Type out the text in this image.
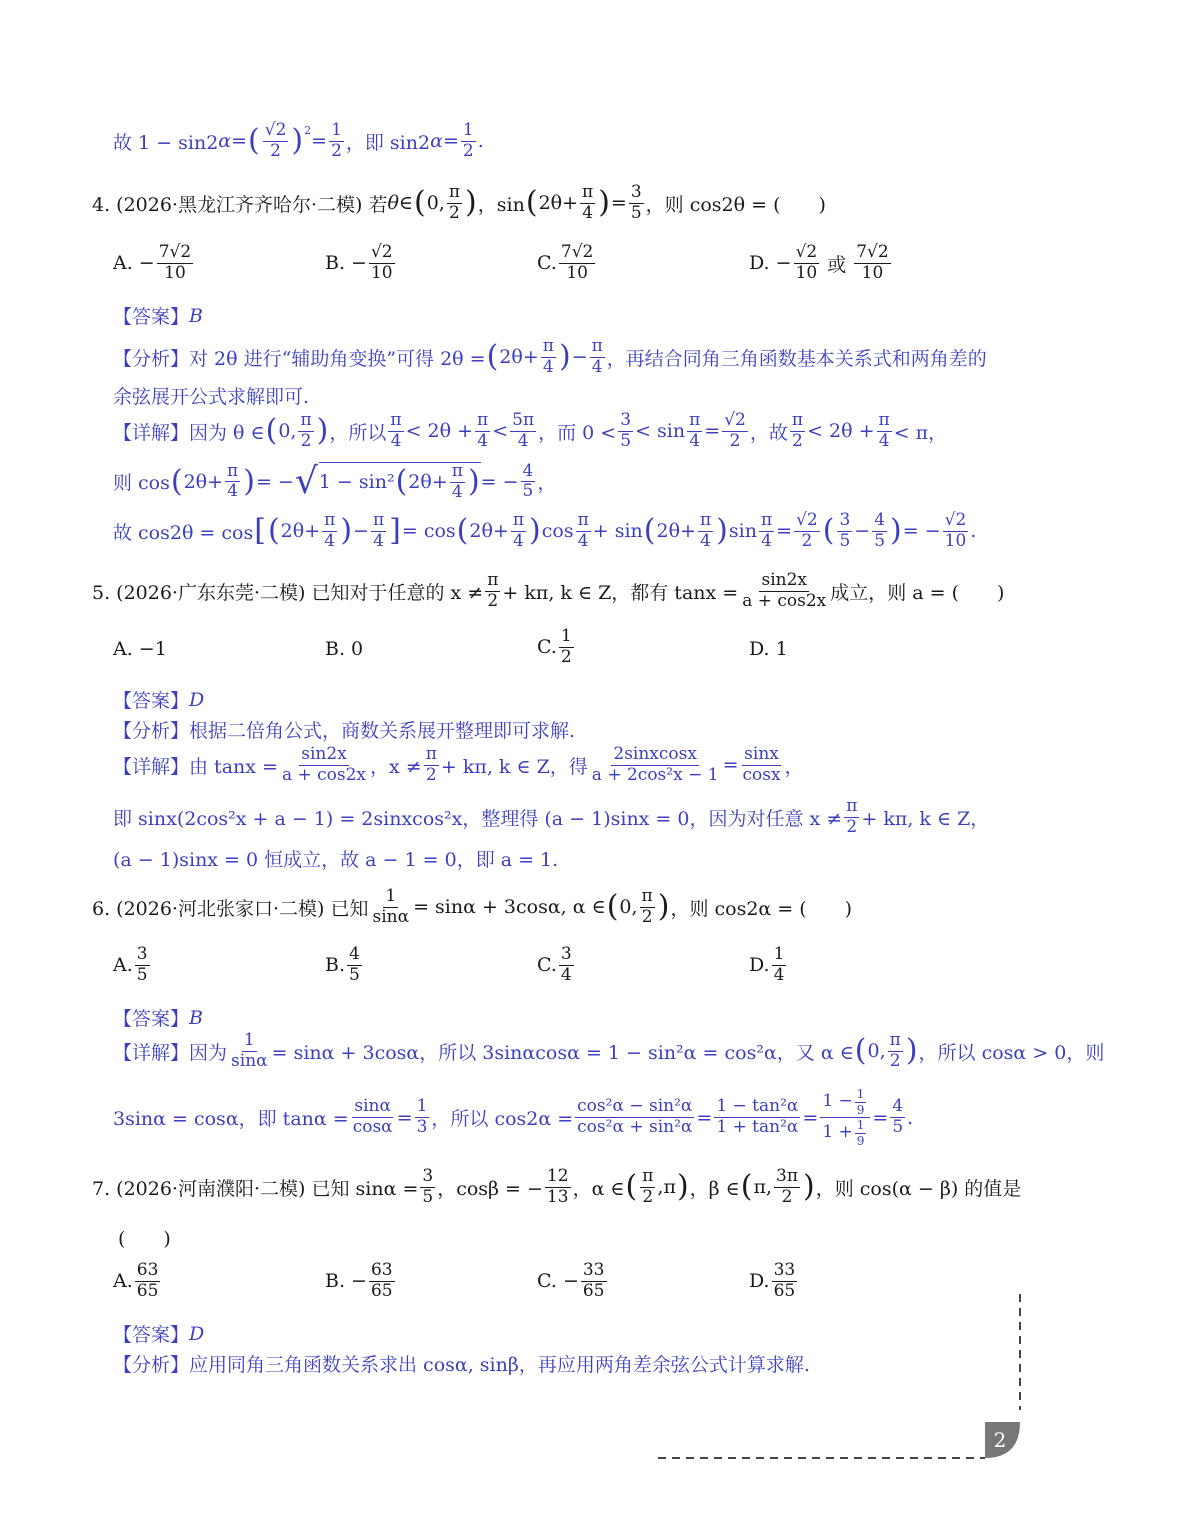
故 1 − sin2 α = ( $\frac{√2}{2}$ ) $2 = \frac{1}{2}$ ，即 sin2 $\alpha = \frac{1}{2}$ .
4. (2026·黑龙江齐齐哈尔·二模) 若 θ ∈ ( 0, $\frac{\pi}{2}$ ) ，sin ( $2\theta+ \frac{\pi}{4}$ ) = $\frac{3}{5}$ ，则 cos2θ = (　　)
A. − $\frac{7√2}{10}$	B. − $\frac{√2}{10}$	C. $\frac{7√2}{10}$	D. − $\frac{√2}{10}$ 或 $\frac{7√2}{10}$
【答案】 B
【分析】 对 2θ 进行“辅助角变换”可得 2θ = ( $2\theta+ \frac{\pi}{4}$ ) − $\frac{\pi}{4}$ ，再结合同角三角函数基本关系式和两角差的
余弦展开公式求解即可.
【详解】 因为 θ ∈ ( 0, $\frac{\pi}{2}$ ) ，所以 $\frac{\pi}{4} < 2\theta + \frac{\pi}{4} < \frac{5\pi}{4}$ ，而 $0 < \frac{3}{5} < \sin \frac{\pi}{4} = \frac{√2}{2}$ ，故 $\frac{\pi}{2} < 2\theta + \frac{\pi}{4} < \pi$，
则 cos ( $2\theta+ \frac{\pi}{4}$ ) = − √ 1 − sin² ( $2\theta+ \frac{\pi}{4}$ ) = − $\frac{4}{5}$ ，
故 cos2θ = cos [ ( $2\theta+ \frac{\pi}{4}$ ) − $\frac{\pi}{4}$ ] = cos ( $2\theta+ \frac{\pi}{4}$ ) $\cos \frac{\pi}{4} + \sin$ ( $2\theta+ \frac{\pi}{4}$ ) $\sin \frac{\pi}{4} = \frac{√2}{2}$ ( $\frac{3}{5} - \frac{4}{5}$ ) = − $\frac{√2}{10}$ .
5. (2026·广东东莞·二模) 已知对于任意的 $x \ne \frac{\pi}{2} + k\pi$, k ∈ Z，都有 $\tan x = \frac{\sin 2x}{a + \cos 2x}$ 成立，则 a = (　　)
A. −1	B. 0	C. $\frac{1}{2}$	D. 1
【答案】 D
【分析】 根据二倍角公式，商数关系展开整理即可求解.
【详解】 由 $\tan x = \frac{\sin 2x}{a + \cos 2x}$ ，$x \ne \frac{\pi}{2} + k\pi$, k ∈ Z，得 $\frac{\text{2sinxcosx}}{\text{a + 2cos²x − 1}} = \frac{\sin x}{\cos x}$ ，
即 sinx(2cos²x + a − 1) = 2sinxcos²x，整理得 (a − 1)sinx = 0，因为对任意 $x \ne \frac{\pi}{2} + k\pi$, k ∈ Z，
(a − 1)sinx = 0 恒成立，故 a − 1 = 0，即 a = 1.
6. (2026·河北张家口·二模) 已知 $\frac{1}{\sin\alpha} = \sin\alpha + 3\cos\alpha$, α ∈ ( 0, $\frac{\pi}{2}$ ) ，则 cos2α = (　　)
A. $\frac{3}{5}$	B. $\frac{4}{5}$	C. $\frac{3}{4}$	D. $\frac{1}{4}$
【答案】 B
【详解】 因为 $\frac{1}{\sin\alpha} = \sin\alpha + 3\cos\alpha$，所以 3sinαcosα = 1 − sin²α = cos²α，又 α ∈ ( 0, $\frac{\pi}{2}$ ) ，所以 cosα > 0，则
3sinα = cosα，即 $\tan\alpha = \frac{\sin\alpha}{\cos\alpha} = \frac{1}{3}$ ，所以 $\cos 2\alpha = \frac{\text{cos²α − sin²α}}{\text{cos²α + sin²α}} = \frac{\text{1 − tan²α}}{\text{1 + tan²α}} = \frac{1 - \frac{1}{9}}{1 + \frac{1}{9}} = \frac{4}{5}$ .
7. (2026·河南濮阳·二模) 已知 $\sin\alpha = \frac{3}{5}$ ，cosβ = − $\frac{12}{13}$ ，α ∈ ( $\frac{\pi}{2} ,\pi$ ) ，β ∈ ( π, $\frac{3\pi}{2}$ ) ，则 cos(α − β) 的值是
(　　)
A. $\frac{63}{65}$	B. − $\frac{63}{65}$	C. − $\frac{33}{65}$	D. $\frac{33}{65}$
【答案】 D
【分析】 应用同角三角函数关系求出 cosα, sinβ，再应用两角差余弦公式计算求解.
2
